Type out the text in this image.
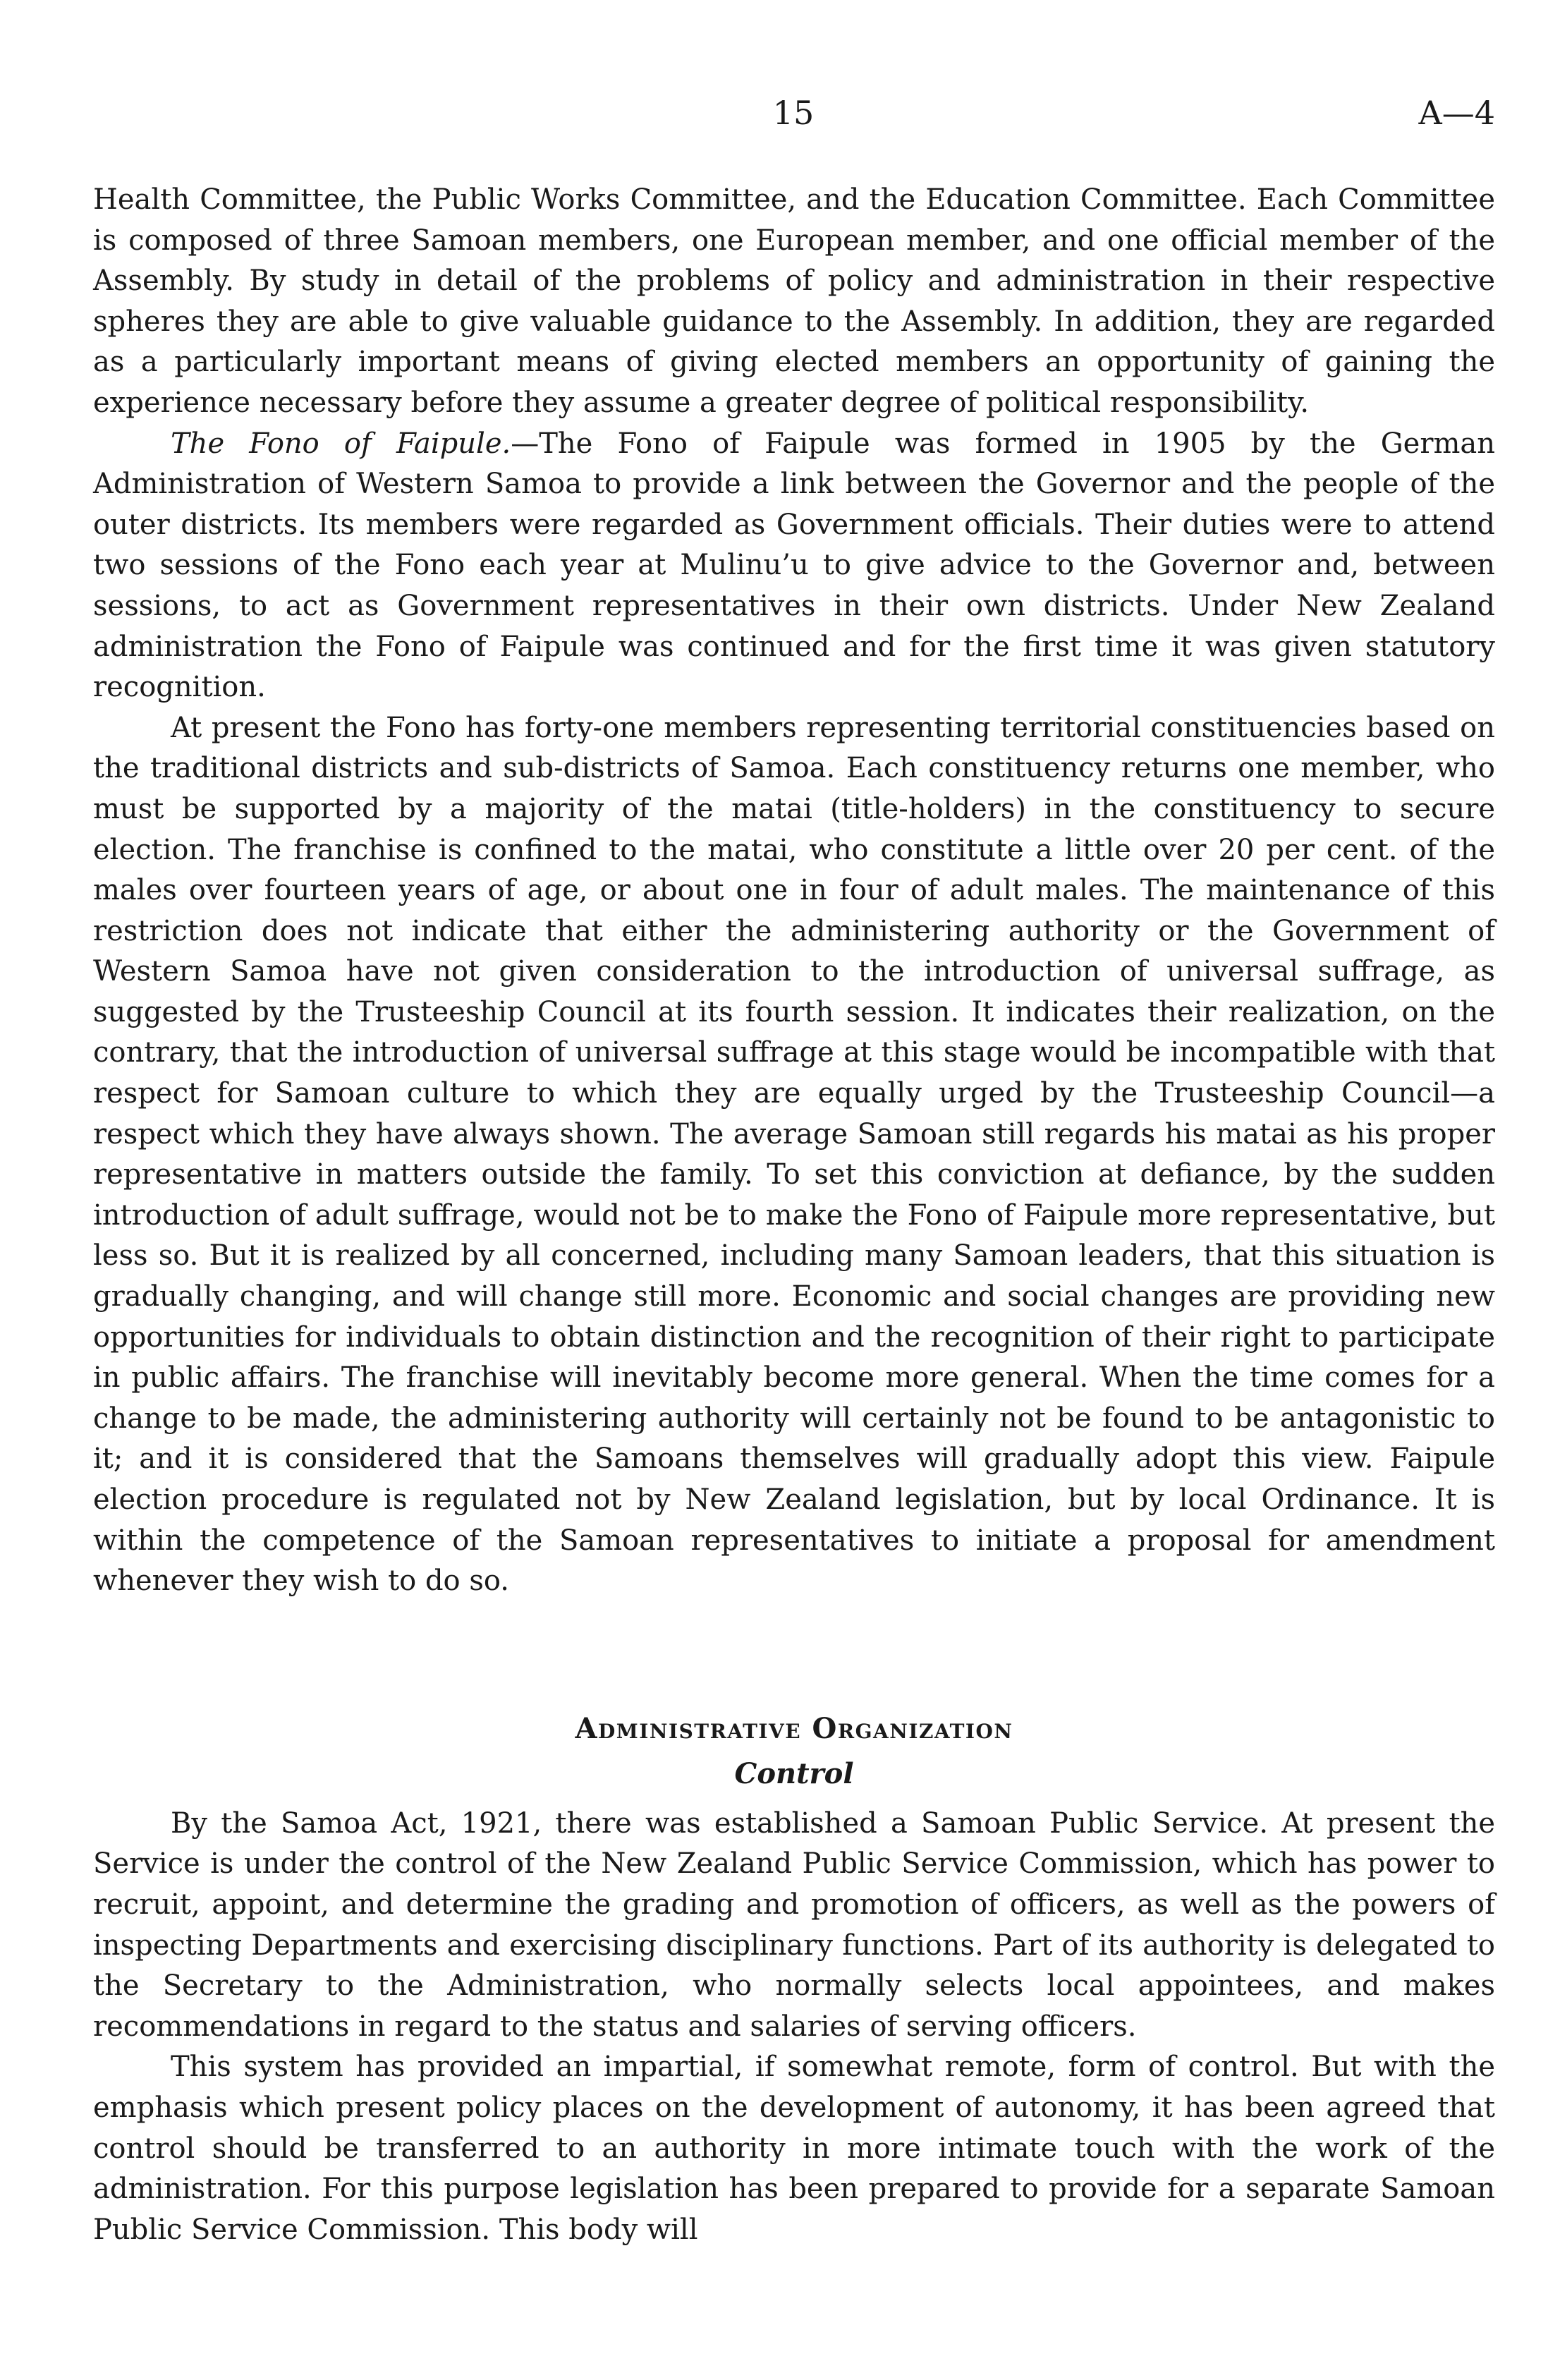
15	A—4

Health Committee, the Public Works Committee, and the Education Committee. Each Committee is composed of three Samoan members, one European member, and one official member of the Assembly. By study in detail of the problems of policy and administration in their respective spheres they are able to give valuable guidance to the Assembly. In addition, they are regarded as a particularly important means of giving elected members an opportunity of gaining the experience necessary before they assume a greater degree of political responsibility.

The Fono of Faipule.—The Fono of Faipule was formed in 1905 by the German Administration of Western Samoa to provide a link between the Governor and the people of the outer districts. Its members were regarded as Government officials. Their duties were to attend two sessions of the Fono each year at Mulinu’u to give advice to the Governor and, between sessions, to act as Government representatives in their own districts. Under New Zealand administration the Fono of Faipule was continued and for the first time it was given statutory recognition.

At present the Fono has forty-one members representing territorial constituencies based on the traditional districts and sub-districts of Samoa. Each constituency returns one member, who must be supported by a majority of the matai (title-holders) in the constituency to secure election. The franchise is confined to the matai, who constitute a little over 20 per cent. of the males over fourteen years of age, or about one in four of adult males. The maintenance of this restriction does not indicate that either the administering authority or the Government of Western Samoa have not given consideration to the introduction of universal suffrage, as suggested by the Trusteeship Council at its fourth session. It indicates their realization, on the contrary, that the introduction of universal suffrage at this stage would be incompatible with that respect for Samoan culture to which they are equally urged by the Trusteeship Council—a respect which they have always shown. The average Samoan still regards his matai as his proper representative in matters outside the family. To set this conviction at defiance, by the sudden introduction of adult suffrage, would not be to make the Fono of Faipule more representative, but less so. But it is realized by all concerned, including many Samoan leaders, that this situation is gradually changing, and will change still more. Economic and social changes are providing new opportunities for individuals to obtain distinction and the recognition of their right to participate in public affairs. The franchise will inevitably become more general. When the time comes for a change to be made, the administering authority will certainly not be found to be antagonistic to it; and it is considered that the Samoans themselves will gradually adopt this view. Faipule election procedure is regulated not by New Zealand legislation, but by local Ordinance. It is within the competence of the Samoan representatives to initiate a proposal for amendment whenever they wish to do so.

Administrative Organization
Control

By the Samoa Act, 1921, there was established a Samoan Public Service. At present the Service is under the control of the New Zealand Public Service Commission, which has power to recruit, appoint, and determine the grading and promotion of officers, as well as the powers of inspecting Departments and exercising disciplinary functions. Part of its authority is delegated to the Secretary to the Administration, who normally selects local appointees, and makes recommendations in regard to the status and salaries of serving officers.

This system has provided an impartial, if somewhat remote, form of control. But with the emphasis which present policy places on the development of autonomy, it has been agreed that control should be transferred to an authority in more intimate touch with the work of the administration. For this purpose legislation has been prepared to provide for a separate Samoan Public Service Commission. This body will
